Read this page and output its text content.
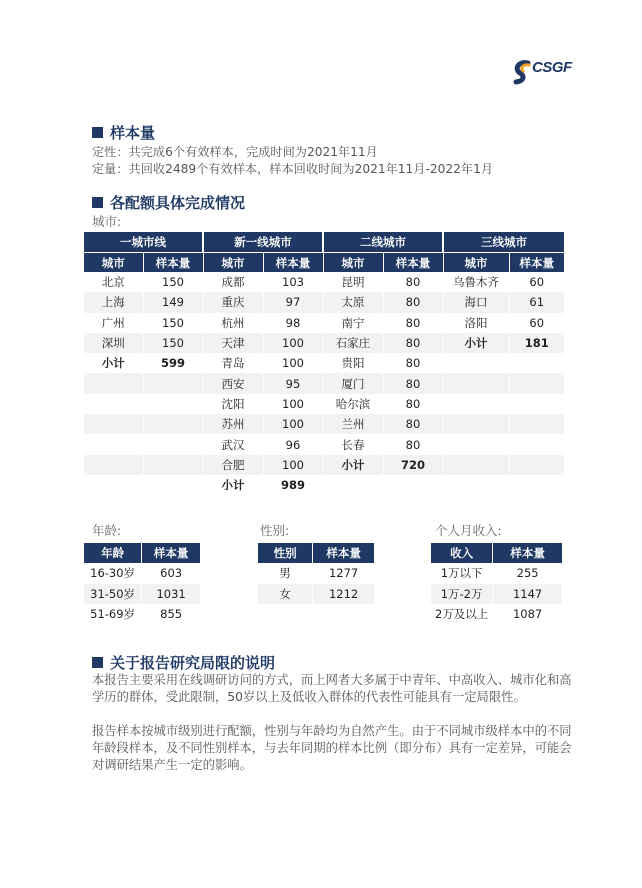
CSGF
样本量
定性：共完成6个有效样本，完成时间为2021年11月
定量：共回收2489个有效样本，样本回收时间为2021年11月-2022年1月
各配额具体完成情况
城市:
一城市线		新一线城市		二线城市		三线城市	
城市	样本量	城市	样本量	城市	样本量	城市	样本量
北京	150	成都	103	昆明	80	乌鲁木齐	60
上海	149	重庆	97	太原	80	海口	61
广州	150	杭州	98	南宁	80	洛阳	60
深圳	150	天津	100	石家庄	80	小计	181
小计	599	青岛	100	贵阳	80		
		西安	95	厦门	80		
		沈阳	100	哈尔滨	80		
		苏州	100	兰州	80		
		武汉	96	长春	80		
		合肥	100	小计	720		
		小计	989				
年龄:
年龄	样本量
16-30岁	603
31-50岁	1031
51-69岁	855
性别:
性别	样本量
男	1277
女	1212
个人月收入:
收入	样本量
1万以下	255
1万-2万	1147
2万及以上	1087
关于报告研究局限的说明
本报告主要采用在线调研访问的方式，而上网者大多属于中青年、中高收入、城市化和高学历的群体，受此限制，50岁以上及低收入群体的代表性可能具有一定局限性。
报告样本按城市级别进行配额，性别与年龄均为自然产生。由于不同城市级样本中的不同年龄段样本，及不同性别样本，与去年同期的样本比例（即分布）具有一定差异，可能会对调研结果产生一定的影响。
